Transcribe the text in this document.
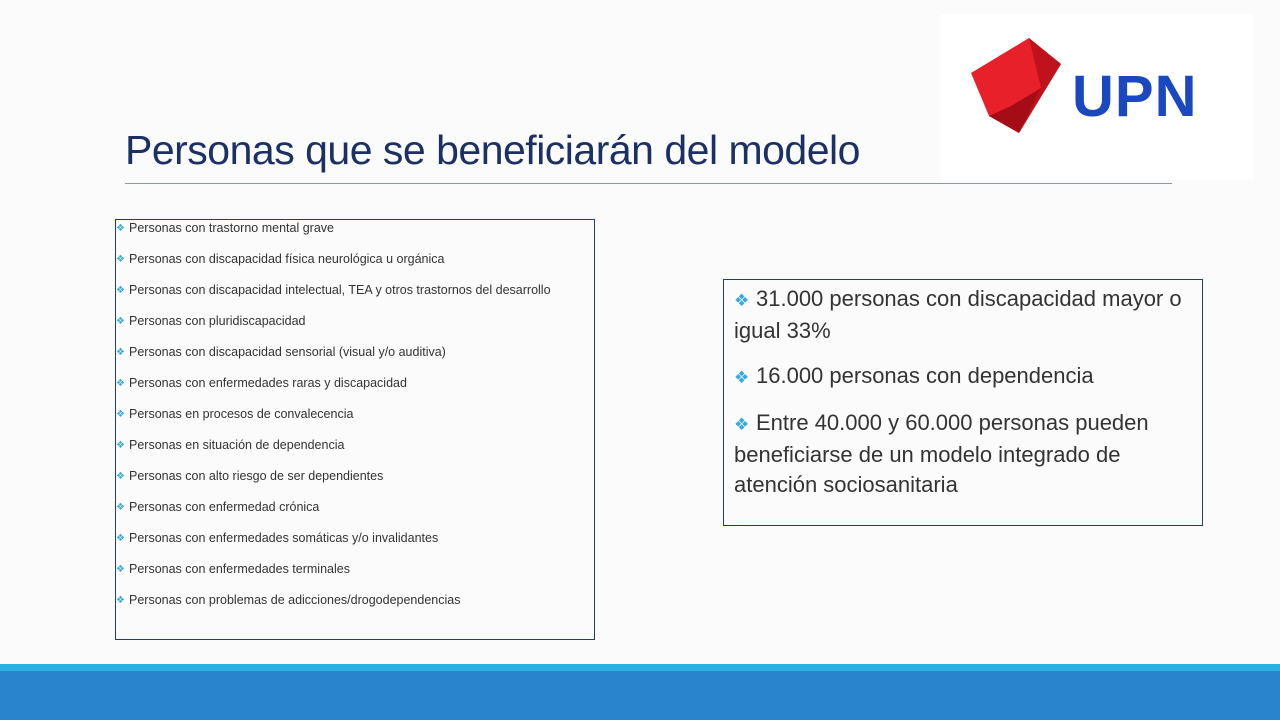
Personas que se beneficiarán del modelo
UPN
❖ Personas con trastorno mental grave
❖ Personas con discapacidad física neurológica u orgánica
❖ Personas con discapacidad intelectual, TEA y otros trastornos del desarrollo
❖ Personas con pluridiscapacidad
❖ Personas con discapacidad sensorial (visual y/o auditiva)
❖ Personas con enfermedades raras y discapacidad
❖ Personas en procesos de convalecencia
❖ Personas en situación de dependencia
❖ Personas con alto riesgo de ser dependientes
❖ Personas con enfermedad crónica
❖ Personas con enfermedades somáticas y/o invalidantes
❖ Personas con enfermedades terminales
❖ Personas con problemas de adicciones/drogodependencias
❖ 31.000 personas con discapacidad mayor o igual 33%
❖ 16.000 personas con dependencia
❖ Entre 40.000 y 60.000 personas pueden beneficiarse de un modelo integrado de atención sociosanitaria
